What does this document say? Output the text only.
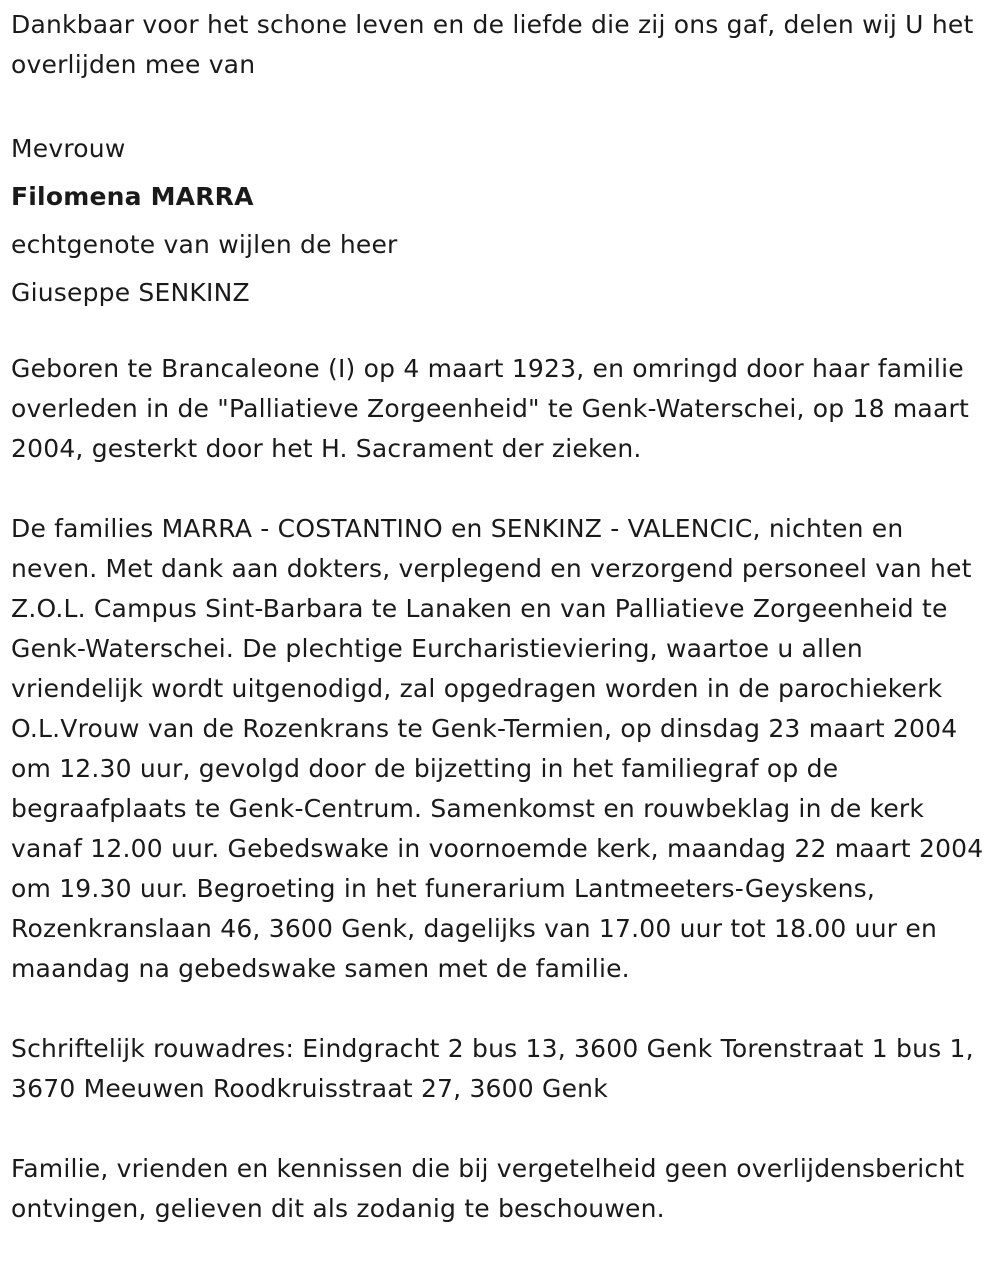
Dankbaar voor het schone leven en de liefde die zij ons gaf, delen wij U het overlijden mee van

Mevrouw

Filomena MARRA

echtgenote van wijlen de heer

Giuseppe SENKINZ

Geboren te Brancaleone (I) op 4 maart 1923, en omringd door haar familie overleden in de "Palliatieve Zorgeenheid" te Genk-Waterschei, op 18 maart 2004, gesterkt door het H. Sacrament der zieken.

De families MARRA - COSTANTINO en SENKINZ - VALENCIC, nichten en neven. Met dank aan dokters, verplegend en verzorgend personeel van het Z.O.L. Campus Sint-Barbara te Lanaken en van Palliatieve Zorgeenheid te Genk-Waterschei. De plechtige Eurcharistieviering, waartoe u allen vriendelijk wordt uitgenodigd, zal opgedragen worden in de parochiekerk O.L.Vrouw van de Rozenkrans te Genk-Termien, op dinsdag 23 maart 2004 om 12.30 uur, gevolgd door de bijzetting in het familiegraf op de begraafplaats te Genk-Centrum. Samenkomst en rouwbeklag in de kerk vanaf 12.00 uur. Gebedswake in voornoemde kerk, maandag 22 maart 2004 om 19.30 uur. Begroeting in het funerarium Lantmeeters-Geyskens, Rozenkranslaan 46, 3600 Genk, dagelijks van 17.00 uur tot 18.00 uur en maandag na gebedswake samen met de familie.

Schriftelijk rouwadres: Eindgracht 2 bus 13, 3600 Genk Torenstraat 1 bus 1, 3670 Meeuwen Roodkruisstraat 27, 3600 Genk

Familie, vrienden en kennissen die bij vergetelheid geen overlijdensbericht ontvingen, gelieven dit als zodanig te beschouwen.
